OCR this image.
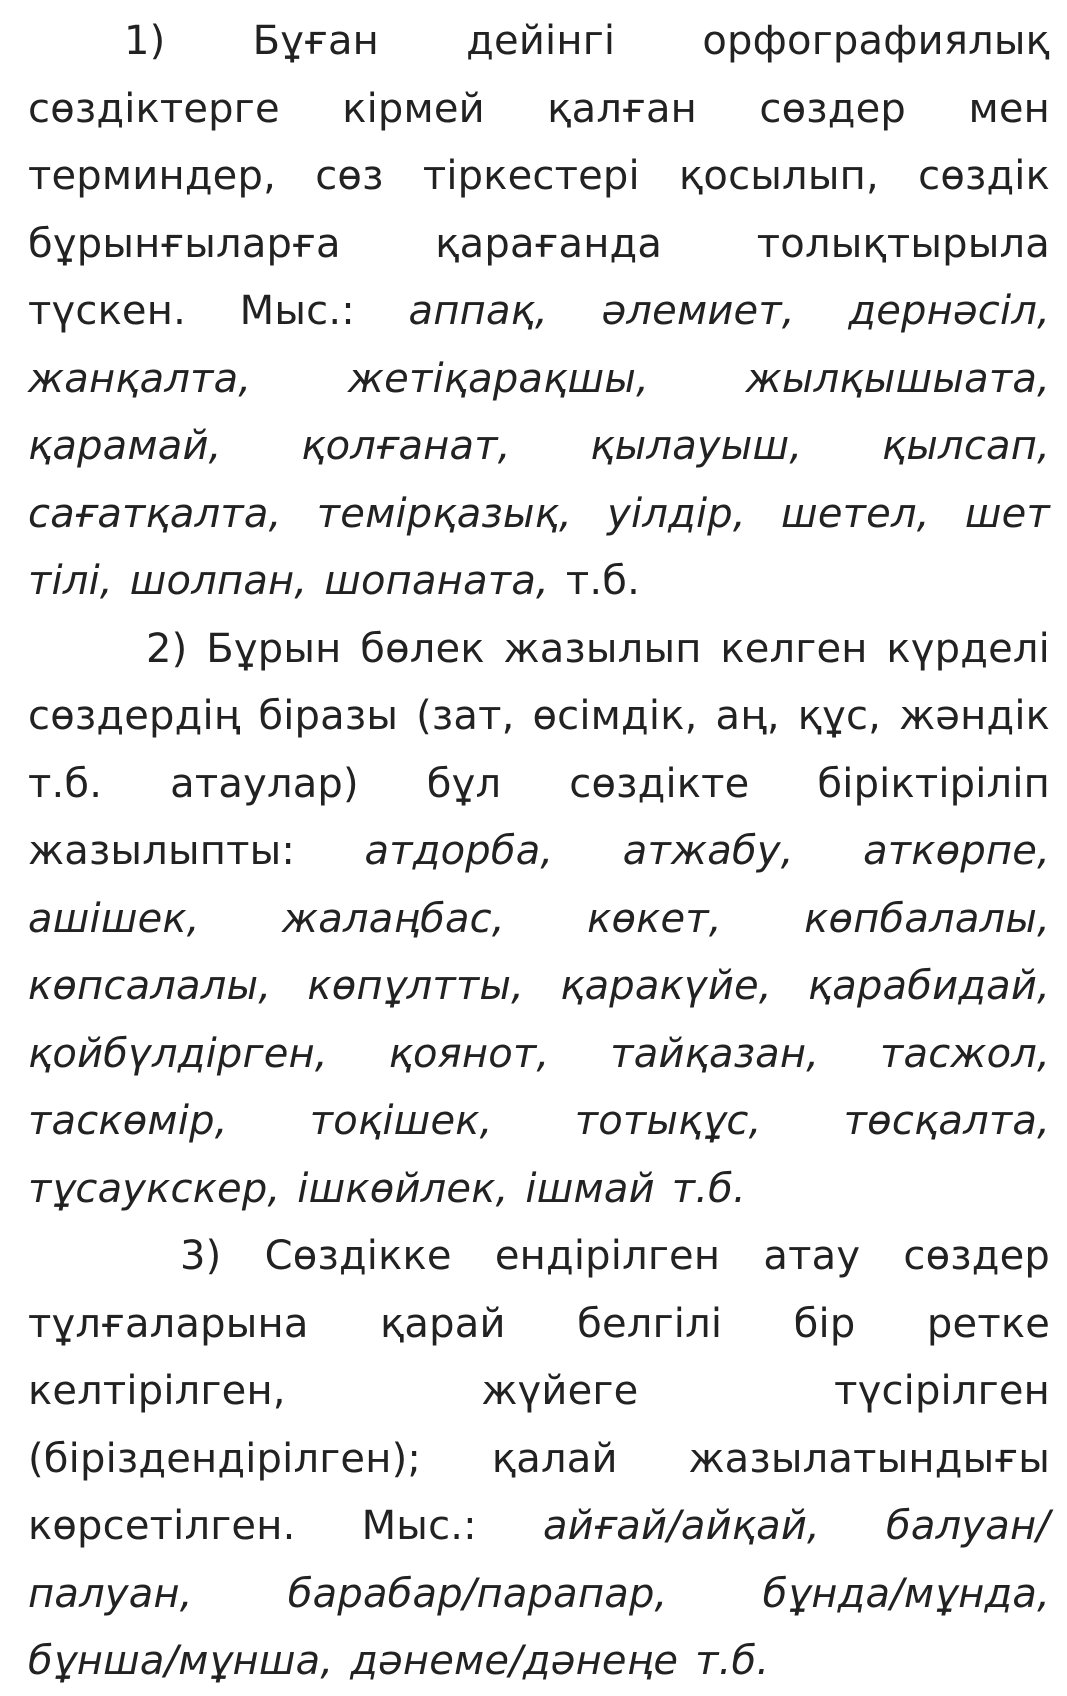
1) Бұған дейінгі орфографиялық сөздіктерге кірмей қалған сөздер мен терминдер, сөз тіркестері қосылып, сөздік бұрынғыларға қарағанда толықтырыла түскен. Мыс.: аппақ, әлемиет, дернәсіл, жанқалта, жетіқарақшы, жылқышыата, қарамай, қолғанат, қылауыш, қылсап, сағатқалта, темірқазық, уілдір, шетел, шет тілі, шолпан, шопаната, т.б.

2) Бұрын бөлек жазылып келген күрделі сөздердің біразы (зат, өсімдік, аң, құс, жәндік т.б. атаулар) бұл сөздікте біріктіріліп жазылыпты: атдорба, атжабу, аткөрпе, ашішек, жалаңбас, көкет, көпбалалы, көпсалалы, көпұлтты, қаракүйе, қарабидай, қойбүлдірген, қоянот, тайқазан, тасжол, таскөмір, тоқішек, тотықұс, төсқалта, тұсаукскер, ішкөйлек, ішмай т.б.

3) Сөздікке ендірілген атау сөздер тұлғаларына қарай белгілі бір ретке келтірілген, жүйеге түсірілген (біріздендірілген); қалай жазылатындығы көрсетілген. Мыс.: айғай/айқай, балуан/палуан, барабар/парапар, бұнда/мұнда, бұнша/мұнша, дәнеме/дәнеңе т.б.
